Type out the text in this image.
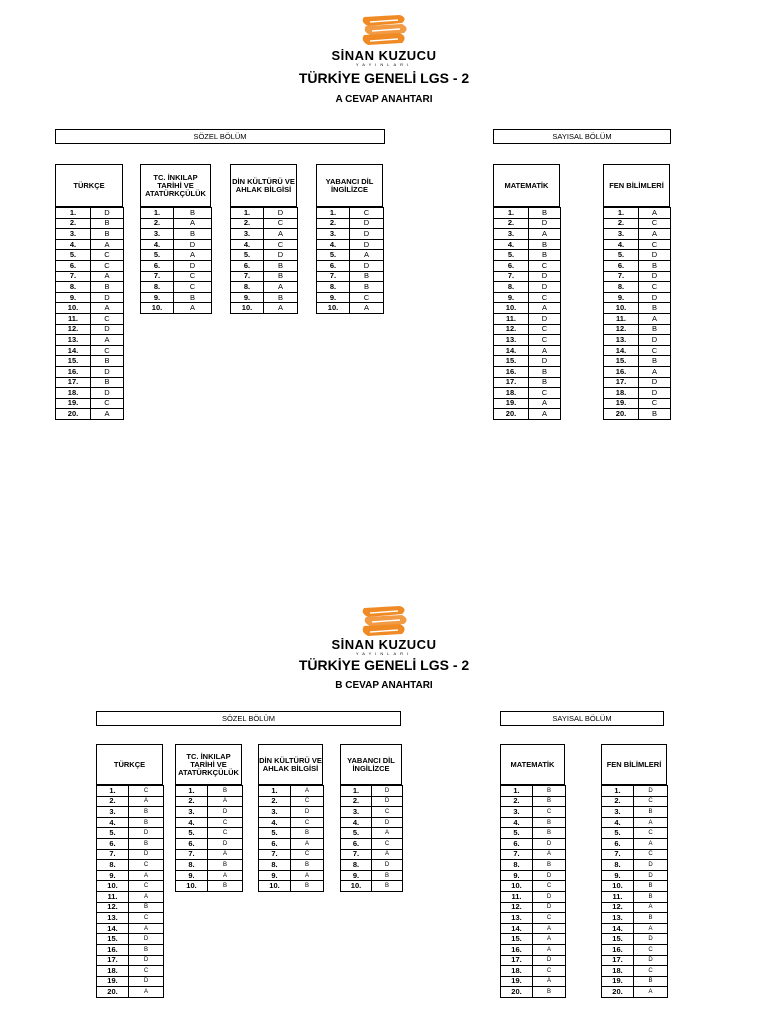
SİNAN KUZUCU
YAYINLARI
TÜRKİYE GENELİ LGS - 2
A CEVAP ANAHTARI
SÖZEL BÖLÜM	SAYISAL BÖLÜM
TÜRKÇE
1.	D
2.	B
3.	B
4.	A
5.	C
6.	C
7.	A
8.	B
9.	D
10.	A
11.	C
12.	D
13.	A
14.	C
15.	B
16.	D
17.	B
18.	D
19.	C
20.	A
TC. İNKILAP TARİHİ VE ATATÜRKÇÜLÜK
1.	B
2.	A
3.	B
4.	D
5.	A
6.	D
7.	C
8.	C
9.	B
10.	A
DİN KÜLTÜRÜ VE AHLAK BİLGİSİ
1.	D
2.	C
3.	A
4.	C
5.	D
6.	B
7.	B
8.	A
9.	B
10.	A
YABANCI DİL İNGİLİZCE
1.	C
2.	D
3.	D
4.	D
5.	A
6.	D
7.	B
8.	B
9.	C
10.	A
MATEMATİK
1.	B
2.	D
3.	A
4.	B
5.	B
6.	C
7.	D
8.	D
9.	C
10.	A
11.	D
12.	C
13.	C
14.	A
15.	D
16.	B
17.	B
18.	C
19.	A
20.	A
FEN BİLİMLERİ
1.	A
2.	C
3.	A
4.	C
5.	D
6.	B
7.	D
8.	C
9.	D
10.	B
11.	A
12.	B
13.	D
14.	C
15.	B
16.	A
17.	D
18.	D
19.	C
20.	B
SİNAN KUZUCU
YAYINLARI
TÜRKİYE GENELİ LGS - 2
B CEVAP ANAHTARI
SÖZEL BÖLÜM	SAYISAL BÖLÜM
TÜRKÇE
1.	C
2.	A
3.	B
4.	B
5.	D
6.	B
7.	D
8.	C
9.	A
10.	C
11.	A
12.	B
13.	C
14.	A
15.	D
16.	B
17.	D
18.	C
19.	D
20.	A
TC. İNKILAP TARİHİ VE ATATÜRKÇÜLÜK
1.	B
2.	A
3.	D
4.	C
5.	C
6.	D
7.	A
8.	B
9.	A
10.	B
DİN KÜLTÜRÜ VE AHLAK BİLGİSİ
1.	A
2.	C
3.	D
4.	C
5.	B
6.	A
7.	C
8.	B
9.	A
10.	B
YABANCI DİL İNGİLİZCE
1.	D
2.	D
3.	C
4.	D
5.	A
6.	C
7.	A
8.	D
9.	B
10.	B
MATEMATİK
1.	B
2.	B
3.	C
4.	B
5.	B
6.	D
7.	A
8.	B
9.	D
10.	C
11.	D
12.	D
13.	C
14.	A
15.	A
16.	A
17.	D
18.	C
19.	A
20.	B
FEN BİLİMLERİ
1.	D
2.	C
3.	B
4.	A
5.	C
6.	A
7.	C
8.	D
9.	D
10.	B
11.	B
12.	A
13.	B
14.	A
15.	D
16.	C
17.	D
18.	C
19.	B
20.	A
